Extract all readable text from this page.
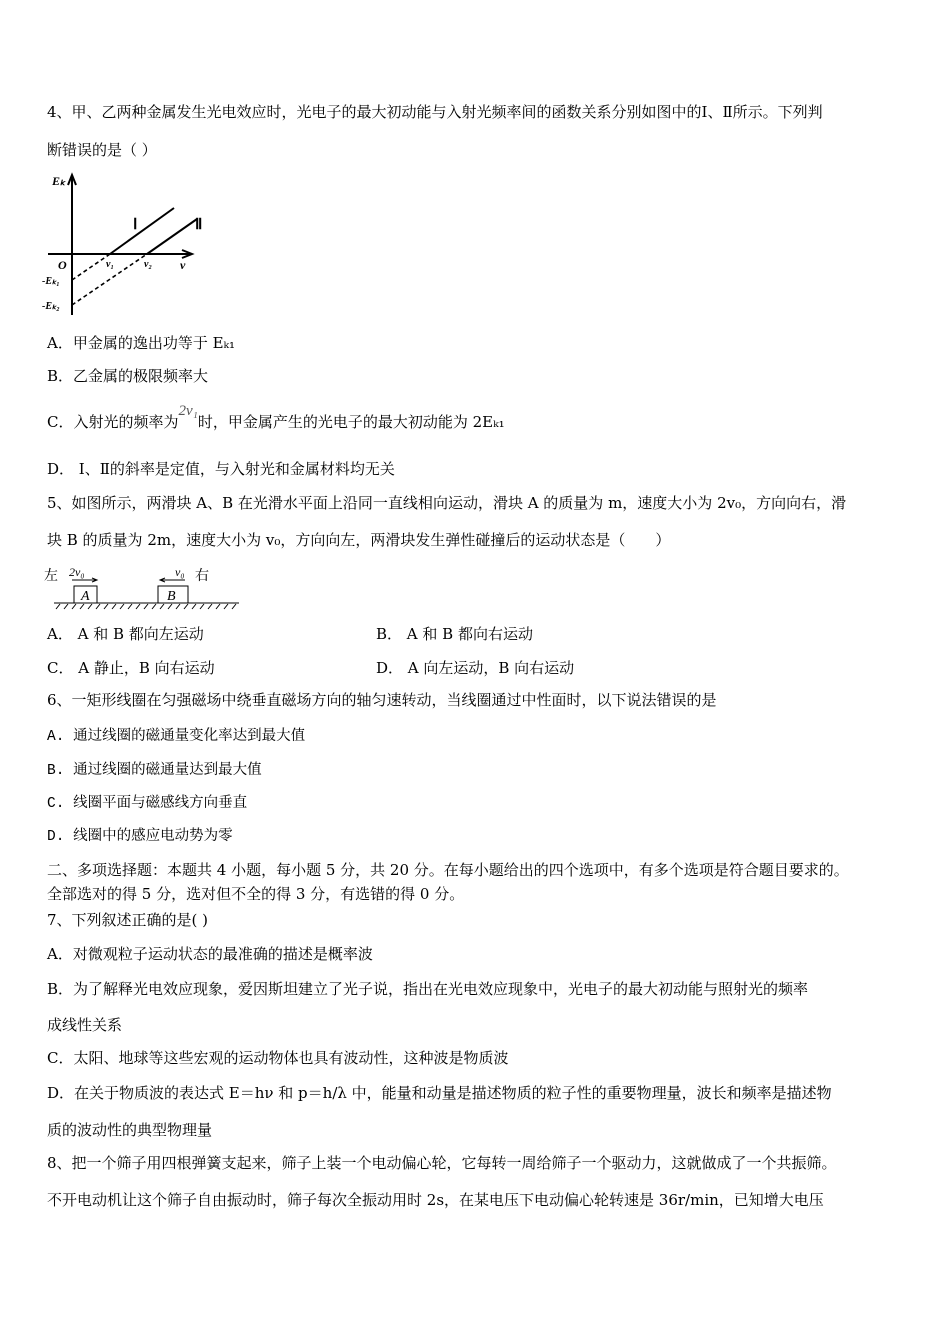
4、甲、乙两种金属发生光电效应时，光电子的最大初动能与入射光频率间的函数关系分别如图中的Ⅰ、Ⅱ所示。下列判
断错误的是（ ）
Eₖ
O	ν₁	ν₂ ν
Ⅰ	Ⅱ
-Eₖ₁
-Eₖ₂
A．甲金属的逸出功等于 Eₖ₁
B．乙金属的极限频率大
C．入射光的频率为2ν₁时，甲金属产生的光电子的最大初动能为 2Eₖ₁
D． Ⅰ、Ⅱ的斜率是定值，与入射光和金属材料均无关
5、如图所示，两滑块 A、B 在光滑水平面上沿同一直线相向运动，滑块 A 的质量为 m，速度大小为 2v₀，方向向右，滑
块 B 的质量为 2m，速度大小为 v₀，方向向左，两滑块发生弹性碰撞后的运动状态是（　　）
左 2v₀	v₀ 右
A	B
A． A 和 B 都向左运动	B． A 和 B 都向右运动
C． A 静止，B 向右运动	D． A 向左运动，B 向右运动
6、一矩形线圈在匀强磁场中绕垂直磁场方向的轴匀速转动，当线圈通过中性面时，以下说法错误的是
A. 通过线圈的磁通量变化率达到最大值
B. 通过线圈的磁通量达到最大值
C. 线圈平面与磁感线方向垂直
D. 线圈中的感应电动势为零
二、多项选择题：本题共 4 小题，每小题 5 分，共 20 分。在每小题给出的四个选项中，有多个选项是符合题目要求的。
全部选对的得 5 分，选对但不全的得 3 分，有选错的得 0 分。
7、下列叙述正确的是( )
A．对微观粒子运动状态的最准确的描述是概率波
B．为了解释光电效应现象，爱因斯坦建立了光子说，指出在光电效应现象中，光电子的最大初动能与照射光的频率
成线性关系
C．太阳、地球等这些宏观的运动物体也具有波动性，这种波是物质波
D．在关于物质波的表达式 E＝hν 和 p＝h/λ 中，能量和动量是描述物质的粒子性的重要物理量，波长和频率是描述物
质的波动性的典型物理量
8、把一个筛子用四根弹簧支起来，筛子上装一个电动偏心轮，它每转一周给筛子一个驱动力，这就做成了一个共振筛。
不开电动机让这个筛子自由振动时，筛子每次全振动用时 2s，在某电压下电动偏心轮转速是 36r/min，已知增大电压
